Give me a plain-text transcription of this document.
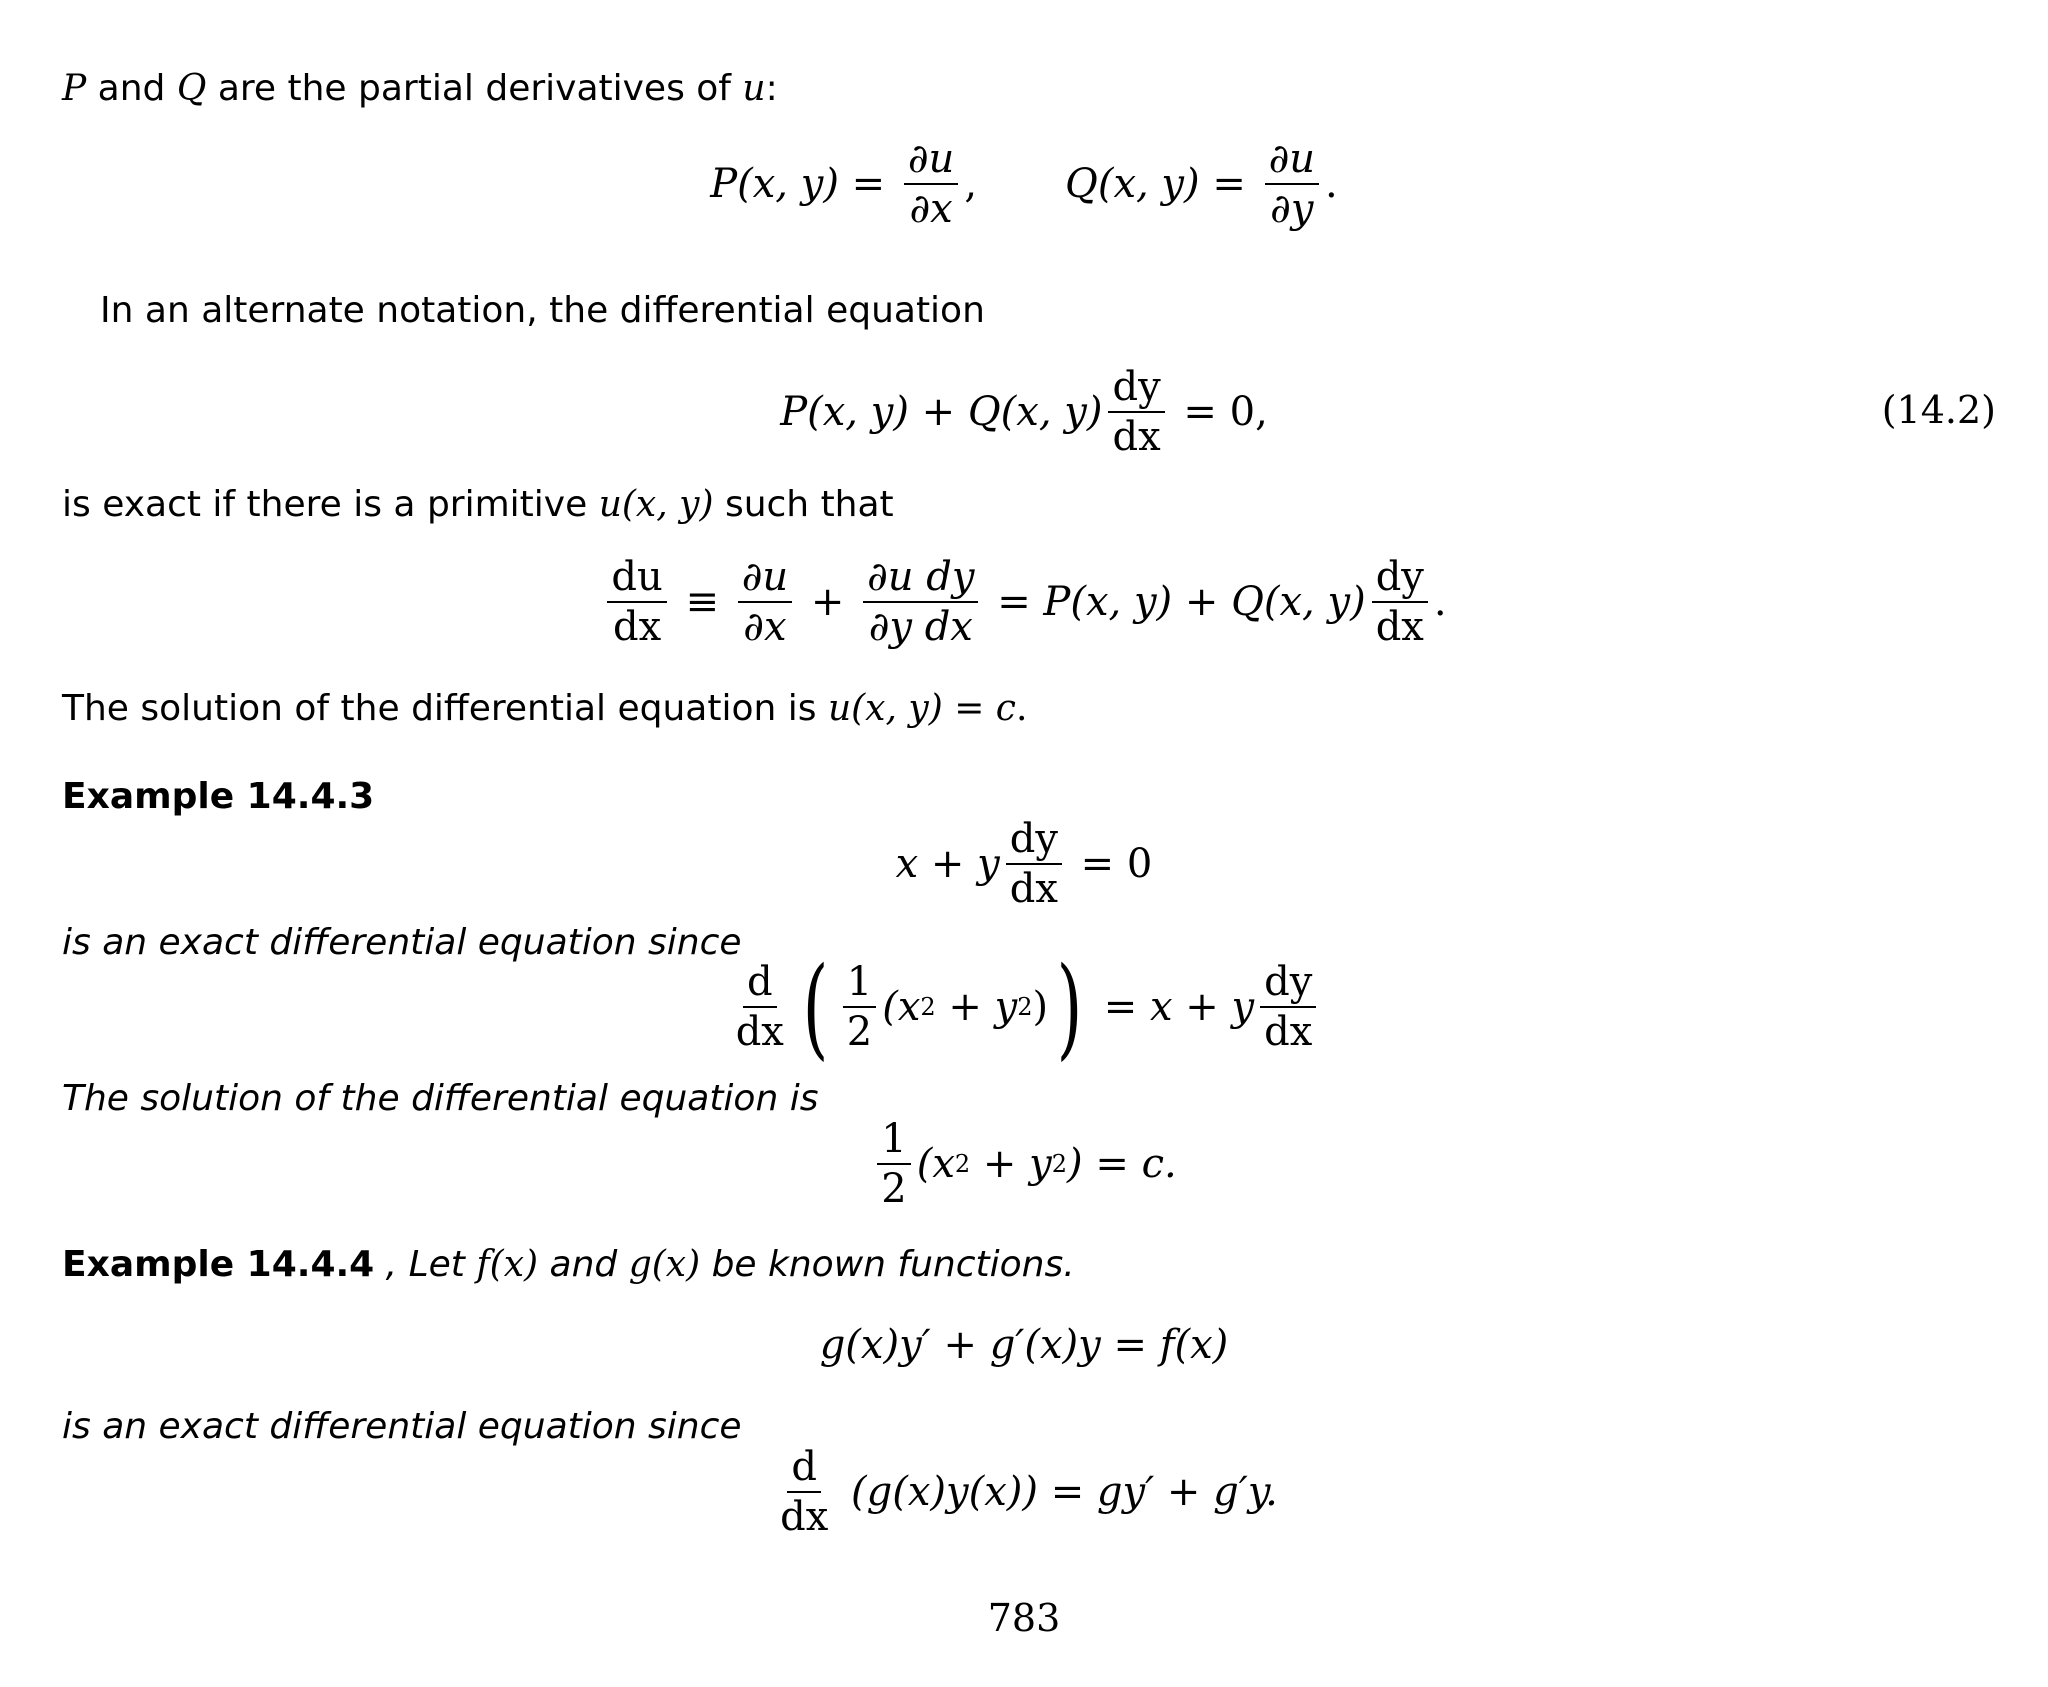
P and Q are the partial derivatives of u:
P(x, $y) = \frac{\partial u}{\partial x}$ , Q(x, $y) = \frac{\partial u}{\partial y}$ .
In an alternate notation, the differential equation
P(x, y) + Q(x, $y) \frac{dy}{dx} = 0$,	(14.2)
is exact if there is a primitive u(x, y) such that
$\frac{du}{dx} \equiv \frac{\partial u}{\partial x} + \frac{\text{∂u dy}}{\text{∂y dx}} = P(x$, y) + Q(x, $y) \frac{dy}{dx}$ .
The solution of the differential equation is u(x, y) = c.
Example 14.4.3
x + y $\frac{dy}{dx} = 0$
is an exact differential equation since
$\frac{d}{dx}$ ( $\frac{1}{2} (x$ 2 + y 2 ) ) = x + y $\frac{dy}{dx}$
The solution of the differential equation is
$\frac{1}{2} (x$ 2 + y 2 ) = c.
Example 14.4.4 , Let f(x) and g(x) be known functions.
g(x)y′ + g′(x)y = f(x)
is an exact differential equation since
$\frac{d}{dx} (g(x)y(x)) = gy' + g'y$.
783
